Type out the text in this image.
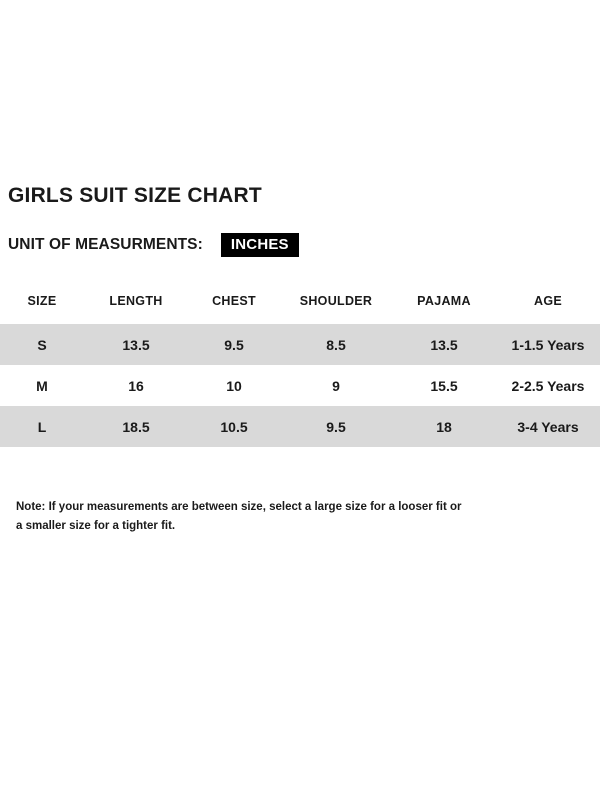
GIRLS SUIT SIZE CHART
UNIT OF MEASURMENTS:	INCHES
SIZE	LENGTH	CHEST	SHOULDER	PAJAMA	AGE
S	13.5	9.5	8.5	13.5	1-1.5 Years
M	16	10	9	15.5	2-2.5 Years
L	18.5	10.5	9.5	18	3-4 Years
Note: If your measurements are between size, select a large size for a looser fit or
a smaller size for a tighter fit.
